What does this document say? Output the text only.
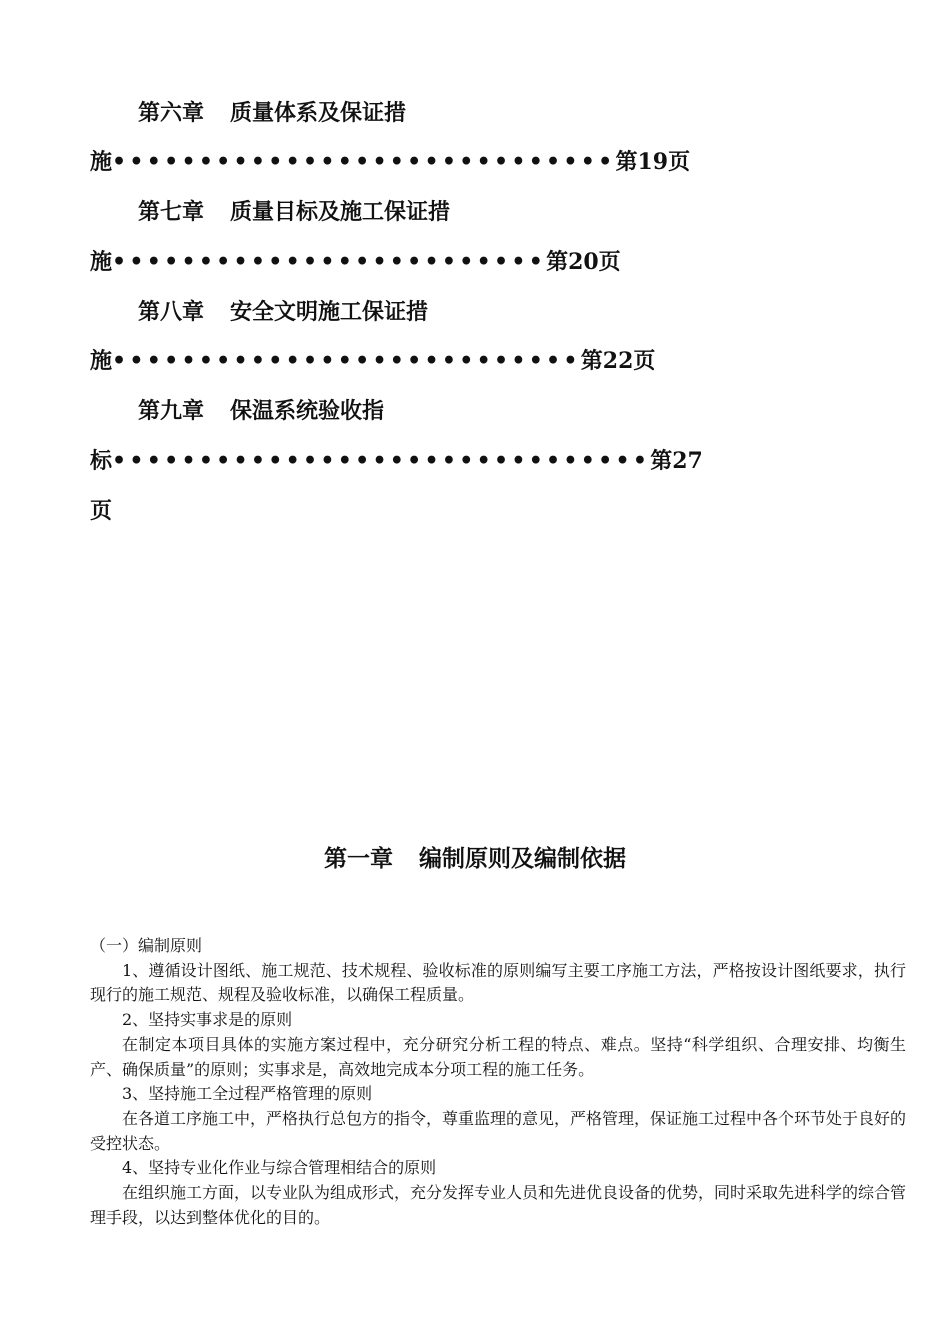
第六章 质量体系及保证措
施•••••••••••••••••••••••••••••第19页
第七章 质量目标及施工保证措
施•••••••••••••••••••••••••第20页
第八章 安全文明施工保证措
施•••••••••••••••••••••••••••第22页
第九章 保温系统验收指
标•••••••••••••••••••••••••••••••第27
页
第一章 编制原则及编制依据

（一）编制原则

1、遵循设计图纸、施工规范、技术规程、验收标准的原则编写主要工序施工方法，严格按设计图纸要求，执行现行的施工规范、规程及验收标准，以确保工程质量。

2、坚持实事求是的原则

在制定本项目具体的实施方案过程中，充分研究分析工程的特点、难点。坚持“科学组织、合理安排、均衡生产、确保质量”的原则；实事求是，高效地完成本分项工程的施工任务。

3、坚持施工全过程严格管理的原则

在各道工序施工中，严格执行总包方的指令，尊重监理的意见，严格管理，保证施工过程中各个环节处于良好的受控状态。

4、坚持专业化作业与综合管理相结合的原则

在组织施工方面，以专业队为组成形式，充分发挥专业人员和先进优良设备的优势，同时采取先进科学的综合管理手段，以达到整体优化的目的。
